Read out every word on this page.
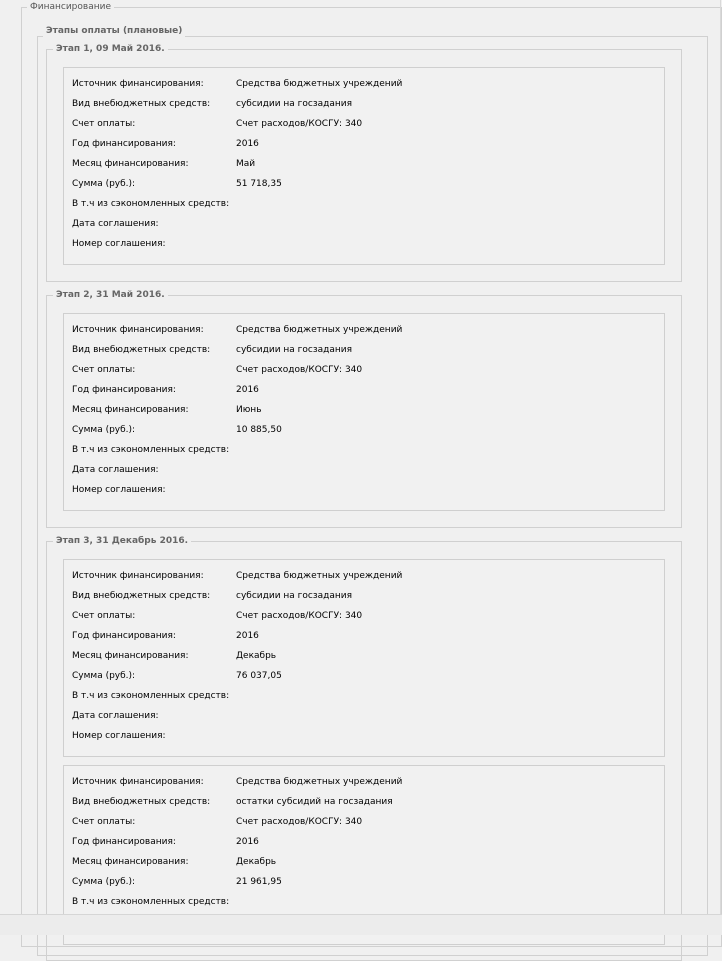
Финансирование
Этапы оплаты (плановые)
Этап 1, 09 Май 2016.
Источник финансирования:	Средства бюджетных учреждений
Вид внебюджетных средств:	субсидии на госзадания
Счет оплаты:	Счет расходов/КОСГУ: 340
Год финансирования:	2016
Месяц финансирования:	Май
Сумма (руб.):	51 718,35
В т.ч из сэкономленных средств:
Дата соглашения:
Номер соглашения:
Этап 2, 31 Май 2016.
Источник финансирования:	Средства бюджетных учреждений
Вид внебюджетных средств:	субсидии на госзадания
Счет оплаты:	Счет расходов/КОСГУ: 340
Год финансирования:	2016
Месяц финансирования:	Июнь
Сумма (руб.):	10 885,50
В т.ч из сэкономленных средств:
Дата соглашения:
Номер соглашения:
Этап 3, 31 Декабрь 2016.
Источник финансирования:	Средства бюджетных учреждений
Вид внебюджетных средств:	субсидии на госзадания
Счет оплаты:	Счет расходов/КОСГУ: 340
Год финансирования:	2016
Месяц финансирования:	Декабрь
Сумма (руб.):	76 037,05
В т.ч из сэкономленных средств:
Дата соглашения:
Номер соглашения:
Источник финансирования:	Средства бюджетных учреждений
Вид внебюджетных средств:	остатки субсидий на госзадания
Счет оплаты:	Счет расходов/КОСГУ: 340
Год финансирования:	2016
Месяц финансирования:	Декабрь
Сумма (руб.):	21 961,95
В т.ч из сэкономленных средств:
